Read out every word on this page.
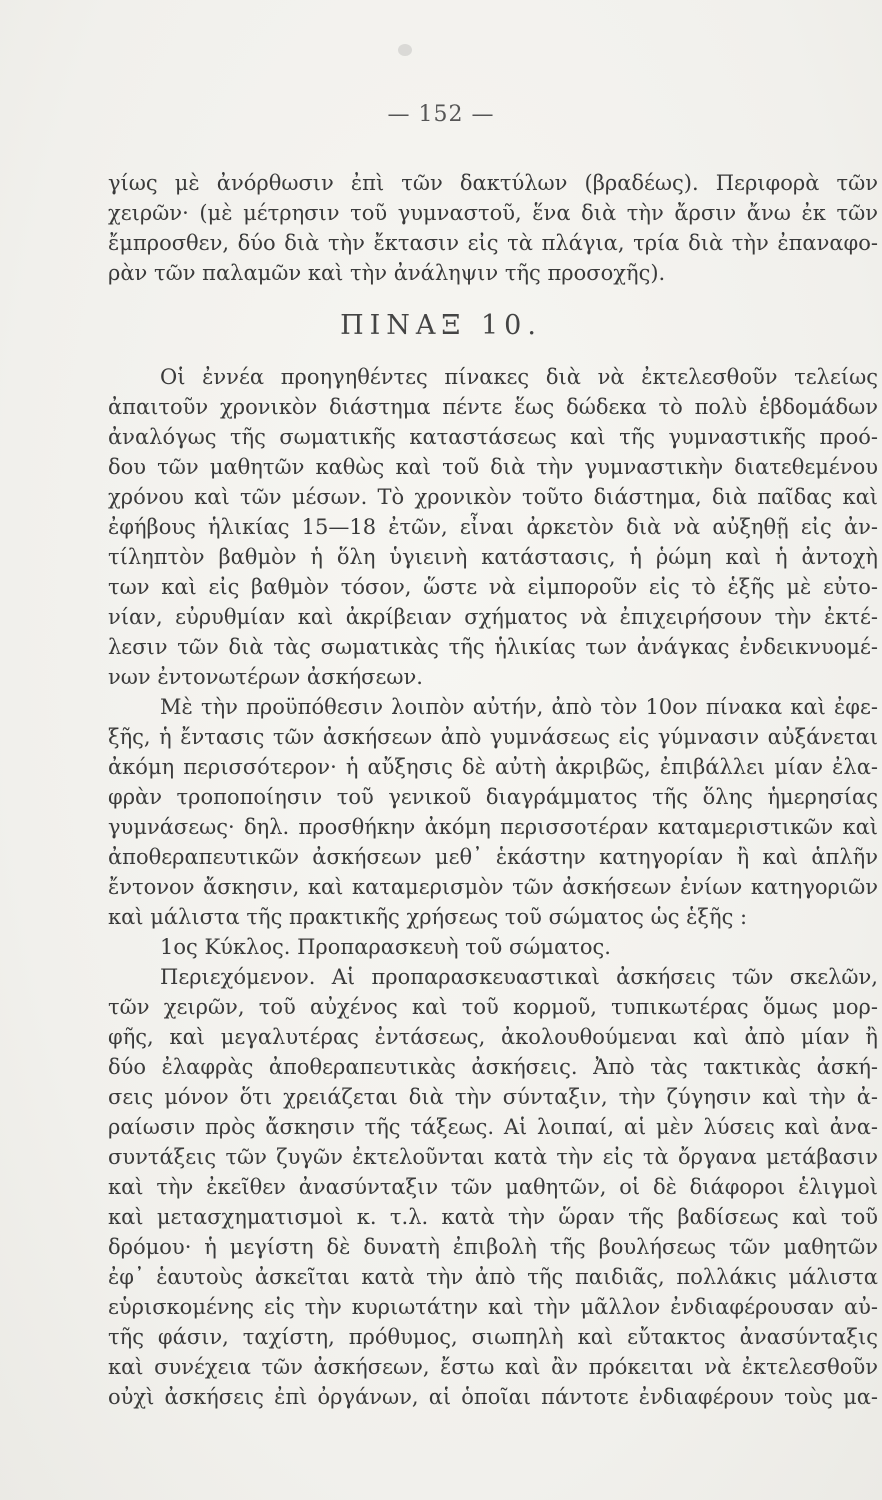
— 152 —
γίως μὲ ἀνόρθωσιν ἐπὶ τῶν δακτύλων (βραδέως). Περιφορὰ τῶν
χειρῶν· (μὲ μέτρησιν τοῦ γυμναστοῦ, ἕνα διὰ τὴν ἄρσιν ἄνω ἐκ τῶν
ἔμπροσθεν, δύο διὰ τὴν ἔκτασιν εἰς τὰ πλάγια, τρία διὰ τὴν ἐπαναφο-
ρὰν τῶν παλαμῶν καὶ τὴν ἀνάληψιν τῆς προσοχῆς).
ΠΙΝΑΞ 10.
Οἱ ἐννέα προηγηθέντες πίνακες διὰ νὰ ἐκτελεσθοῦν τελείως
ἀπαιτοῦν χρονικὸν διάστημα πέντε ἕως δώδεκα τὸ πολὺ ἑβδομάδων
ἀναλόγως τῆς σωματικῆς καταστάσεως καὶ τῆς γυμναστικῆς προό-
δου τῶν μαθητῶν καθὼς καὶ τοῦ διὰ τὴν γυμναστικὴν διατεθεμένου
χρόνου καὶ τῶν μέσων. Τὸ χρονικὸν τοῦτο διάστημα, διὰ παῖδας καὶ
ἐφήβους ἡλικίας 15—18 ἐτῶν, εἶναι ἀρκετὸν διὰ νὰ αὐξηθῇ εἰς ἀν-
τίληπτὸν βαθμὸν ἡ ὅλη ὑγιεινὴ κατάστασις, ἡ ῥώμη καὶ ἡ ἀντοχὴ
των καὶ εἰς βαθμὸν τόσον, ὥστε νὰ εἰμποροῦν εἰς τὸ ἑξῆς μὲ εὐτο-
νίαν, εὐρυθμίαν καὶ ἀκρίβειαν σχήματος νὰ ἐπιχειρήσουν τὴν ἐκτέ-
λεσιν τῶν διὰ τὰς σωματικὰς τῆς ἡλικίας των ἀνάγκας ἐνδεικνυομέ-
νων ἐντονωτέρων ἀσκήσεων.
Μὲ τὴν προϋπόθεσιν λοιπὸν αὐτήν, ἀπὸ τὸν 10ον πίνακα καὶ ἐφε-
ξῆς, ἡ ἔντασις τῶν ἀσκήσεων ἀπὸ γυμνάσεως εἰς γύμνασιν αὐξάνεται
ἀκόμη περισσότερον· ἡ αὔξησις δὲ αὐτὴ ἀκριβῶς, ἐπιβάλλει μίαν ἐλα-
φρὰν τροποποίησιν τοῦ γενικοῦ διαγράμματος τῆς ὅλης ἡμερησίας
γυμνάσεως· δηλ. προσθήκην ἀκόμη περισσοτέραν καταμεριστικῶν καὶ
ἀποθεραπευτικῶν ἀσκήσεων μεθ᾽ ἑκάστην κατηγορίαν ἢ καὶ ἁπλῆν
ἔντονον ἄσκησιν, καὶ καταμερισμὸν τῶν ἀσκήσεων ἐνίων κατηγοριῶν
καὶ μάλιστα τῆς πρακτικῆς χρήσεως τοῦ σώματος ὡς ἑξῆς :
1ος Κύκλος. Προπαρασκευὴ τοῦ σώματος.
Περιεχόμενον. Αἱ προπαρασκευαστικαὶ ἀσκήσεις τῶν σκελῶν,
τῶν χειρῶν, τοῦ αὐχένος καὶ τοῦ κορμοῦ, τυπικωτέρας ὅμως μορ-
φῆς, καὶ μεγαλυτέρας ἐντάσεως, ἀκολουθούμεναι καὶ ἀπὸ μίαν ἢ
δύο ἐλαφρὰς ἀποθεραπευτικὰς ἀσκήσεις. Ἀπὸ τὰς τακτικὰς ἀσκή-
σεις μόνον ὅτι χρειάζεται διὰ τὴν σύνταξιν, τὴν ζύγησιν καὶ τὴν ἀ-
ραίωσιν πρὸς ἄσκησιν τῆς τάξεως. Αἱ λοιπαί, αἱ μὲν λύσεις καὶ ἀνα-
συντάξεις τῶν ζυγῶν ἐκτελοῦνται κατὰ τὴν εἰς τὰ ὄργανα μετάβασιν
καὶ τὴν ἐκεῖθεν ἀνασύνταξιν τῶν μαθητῶν, οἱ δὲ διάφοροι ἑλιγμοὶ
καὶ μετασχηματισμοὶ κ. τ.λ. κατὰ τὴν ὥραν τῆς βαδίσεως καὶ τοῦ
δρόμου· ἡ μεγίστη δὲ δυνατὴ ἐπιβολὴ τῆς βουλήσεως τῶν μαθητῶν
ἐφ᾽ ἑαυτοὺς ἀσκεῖται κατὰ τὴν ἀπὸ τῆς παιδιᾶς, πολλάκις μάλιστα
εὑρισκομένης εἰς τὴν κυριωτάτην καὶ τὴν μᾶλλον ἐνδιαφέρουσαν αὐ-
τῆς φάσιν, ταχίστη, πρόθυμος, σιωπηλὴ καὶ εὔτακτος ἀνασύνταξις
καὶ συνέχεια τῶν ἀσκήσεων, ἔστω καὶ ἂν πρόκειται νὰ ἐκτελεσθοῦν
οὐχὶ ἀσκήσεις ἐπὶ ὀργάνων, αἱ ὁποῖαι πάντοτε ἐνδιαφέρουν τοὺς μα-
